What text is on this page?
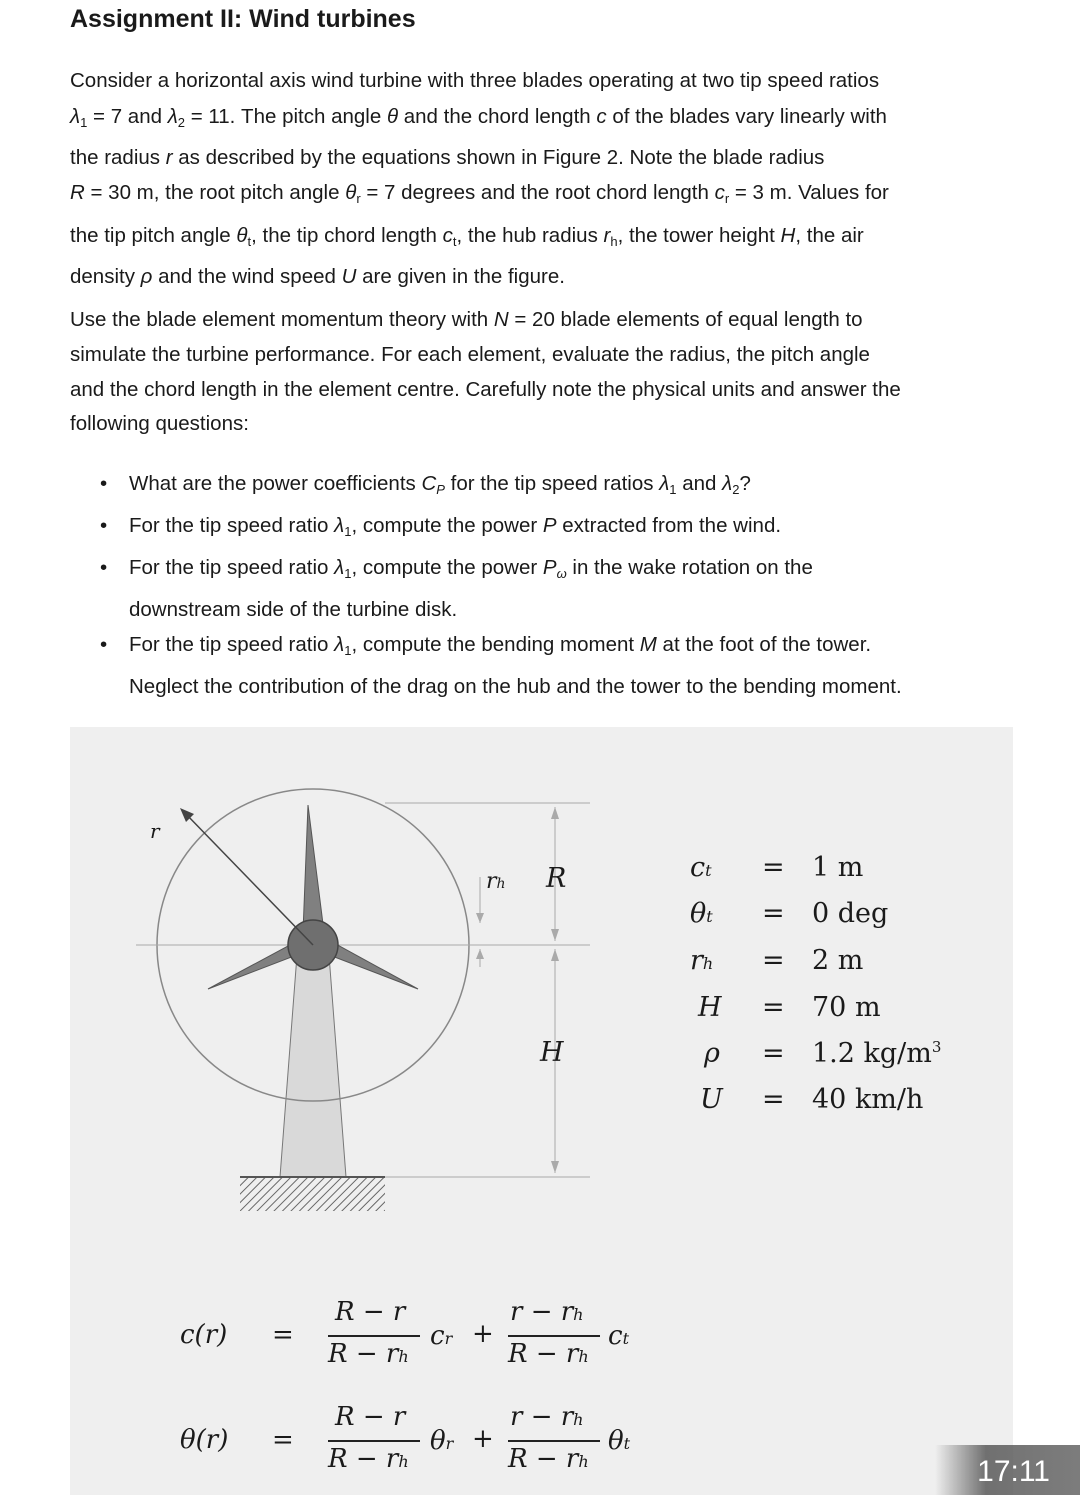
Assignment II: Wind turbines
Consider a horizontal axis wind turbine with three blades operating at two tip speed ratios
$\lambda_1 = 7$ and $\lambda_2 = 11$. The pitch angle θ and the chord length c of the blades vary linearly with
the radius r as described by the equations shown in Figure 2. Note the blade radius
R = 30 m, the root pitch angle $\theta_r = 7$ degrees and the root chord length $c_r = 3$ m. Values for
the tip pitch angle $\theta_t$, the tip chord length $c_t$, the hub radius $r_h$, the tower height H, the air
density ρ and the wind speed U are given in the figure.
Use the blade element momentum theory with N = 20 blade elements of equal length to
simulate the turbine performance. For each element, evaluate the radius, the pitch angle
and the chord length in the element centre. Carefully note the physical units and answer the
following questions:
• What are the power coefficients $C_P$ for the tip speed ratios $\lambda_1$ and $\lambda_2$?
• For the tip speed ratio $\lambda_1$, compute the power P extracted from the wind.
• For the tip speed ratio $\lambda_1$, compute the power $P_\omega$ in the wake rotation on the
downstream side of the turbine disk.
• For the tip speed ratio $\lambda_1$, compute the bending moment M at the foot of the tower.
Neglect the contribution of the drag on the hub and the tower to the bending moment.
r
rh R
H
ct = 1 m
θt = 0 deg
rh = 2 m
H = 70 m
ρ = 1.2 $kg/m^3$
U = 40 km/h
c(r) =
R − r
R − rh
cr +
r − rh
R − rh
ct
θ(r) =
R − r
R − rh
θr +
r − rh
R − rh
θt
17:11
